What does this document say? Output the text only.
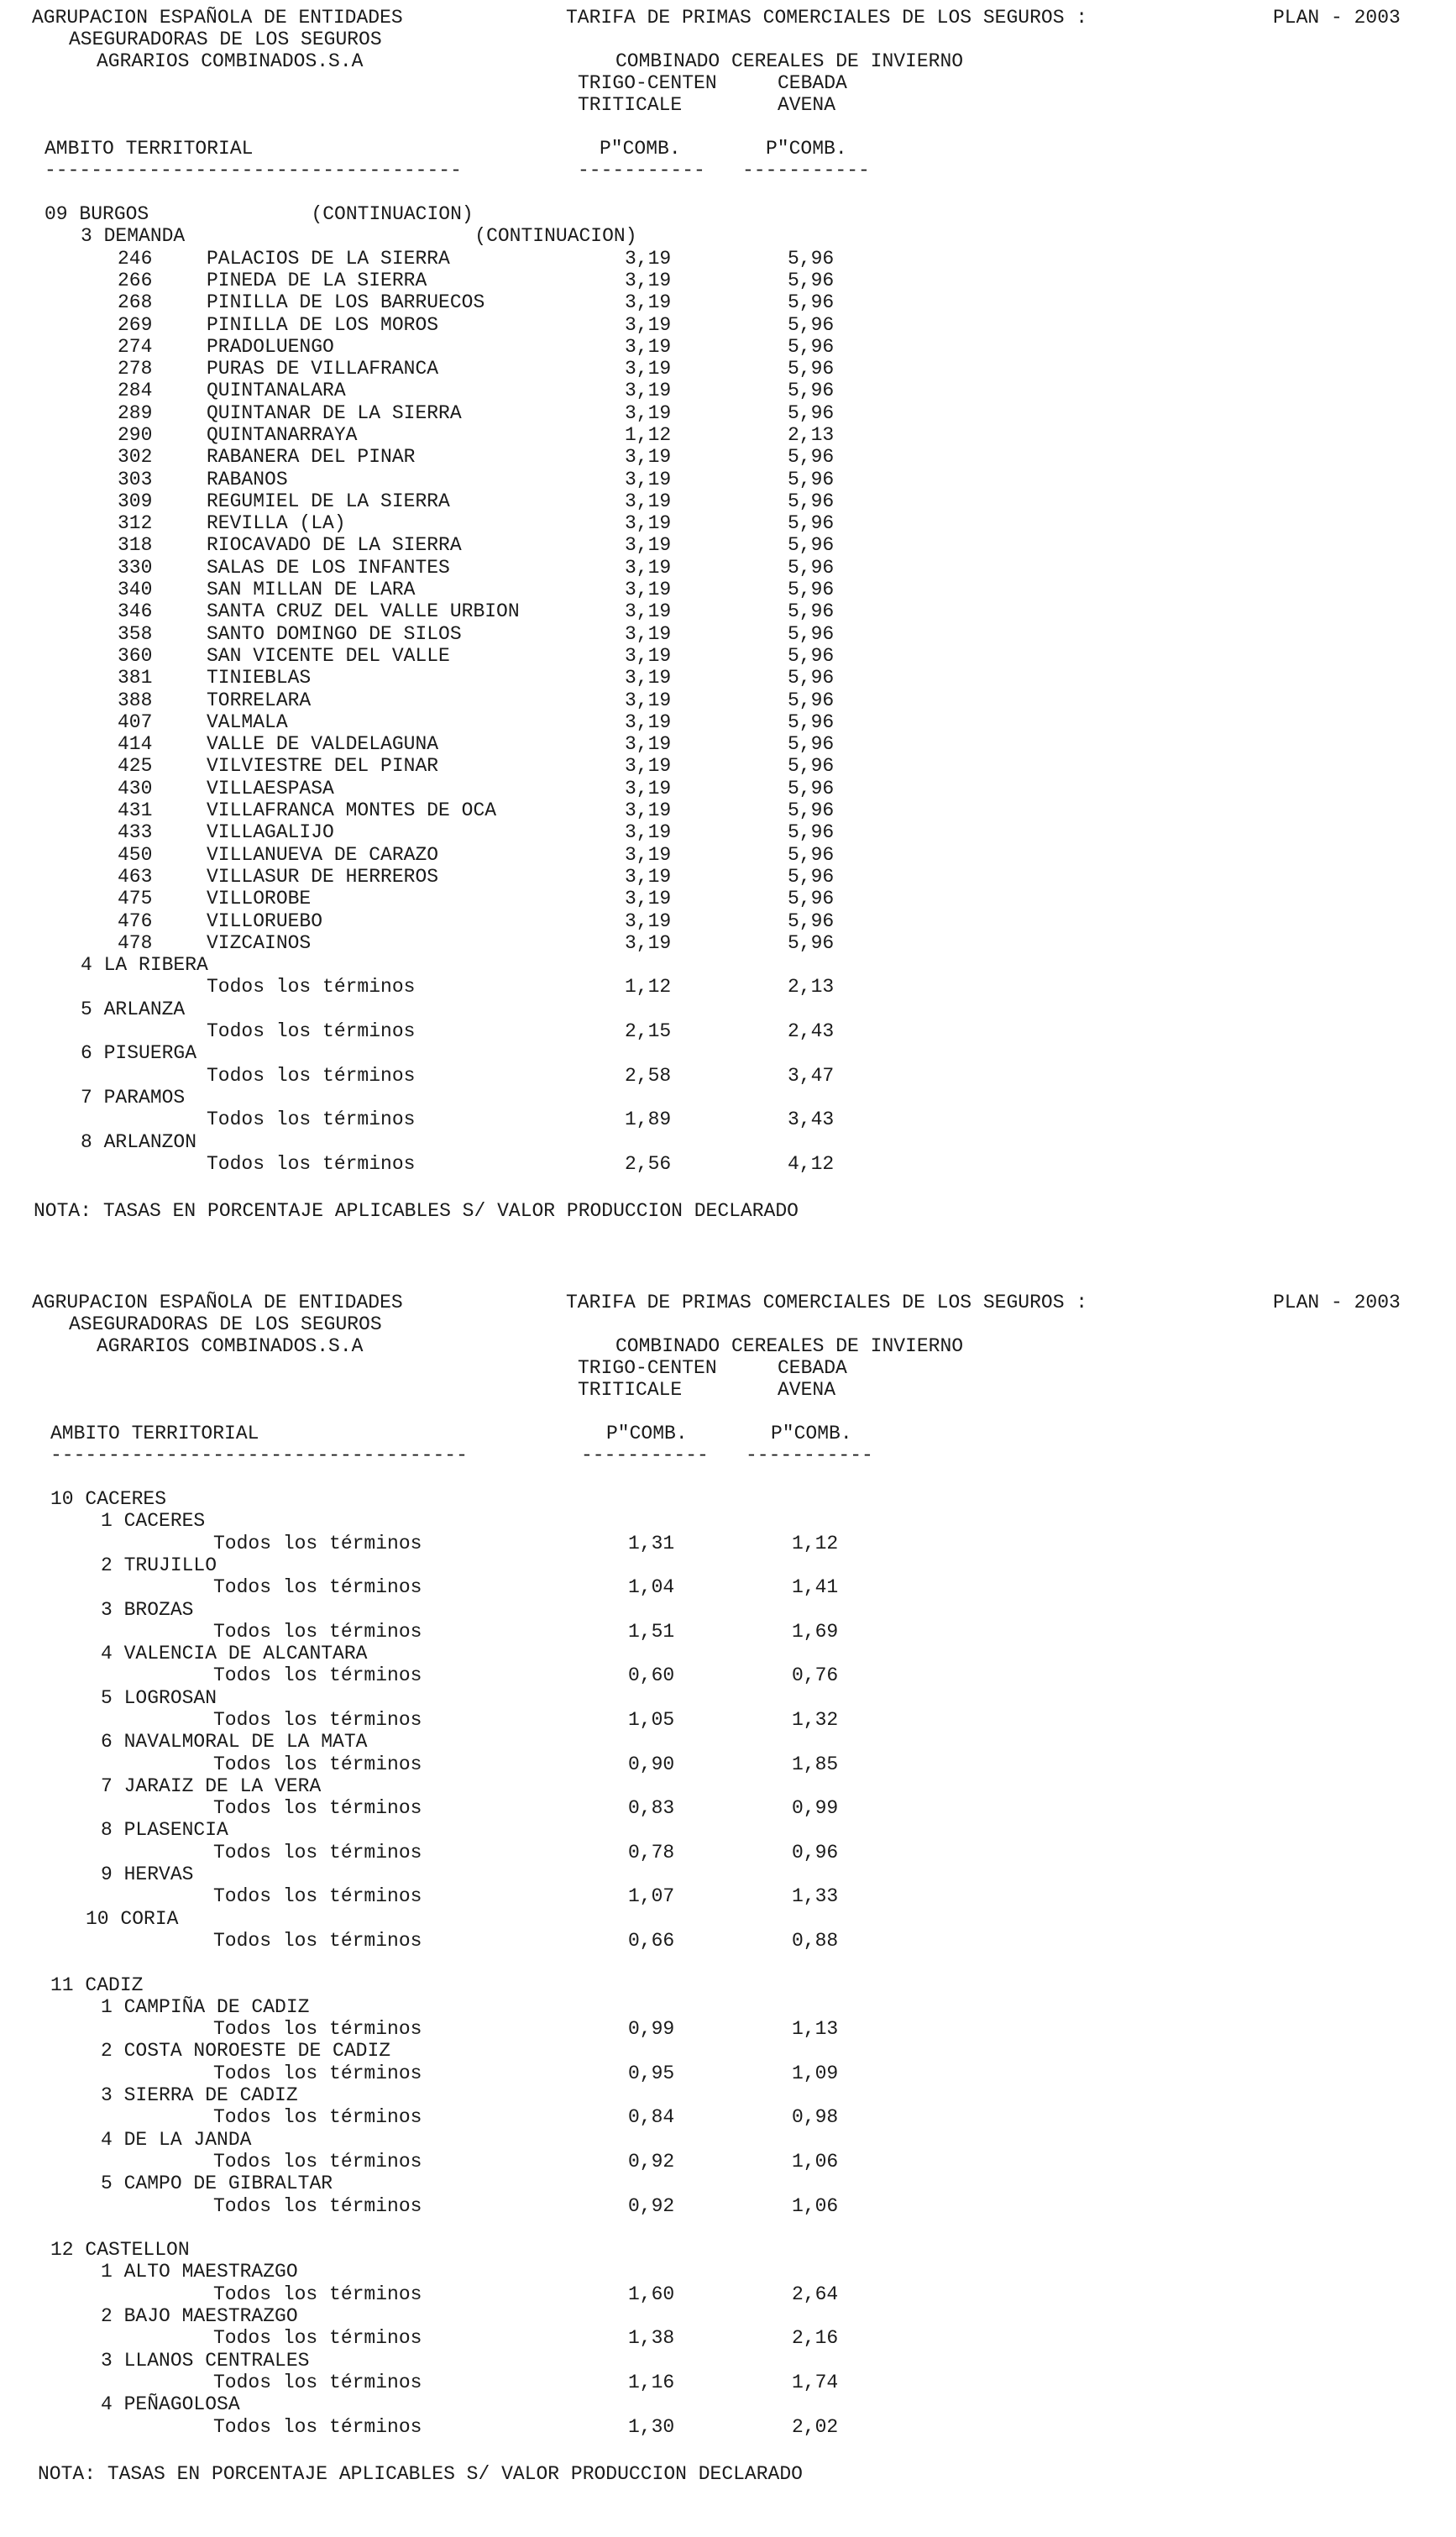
AGRUPACION ESPAÑOLA DE ENTIDADES
ASEGURADORAS DE LOS SEGUROS
AGRARIOS COMBINADOS.S.A
TARIFA DE PRIMAS COMERCIALES DE LOS SEGUROS :	PLAN - 2003
COMBINADO CEREALES DE INVIERNO
TRIGO-CENTEN
TRITICALE
CEBADA
AVENA
AMBITO TERRITORIAL	P"COMB.	P"COMB.
------------------------------------	----------- -----------
09 BURGOS              (CONTINUACION)
3 DEMANDA                         (CONTINUACION)
246	PALACIOS DE LA SIERRA	3,19	5,96
266	PINEDA DE LA SIERRA	3,19	5,96
268	PINILLA DE LOS BARRUECOS	3,19	5,96
269	PINILLA DE LOS MOROS	3,19	5,96
274	PRADOLUENGO	3,19	5,96
278	PURAS DE VILLAFRANCA	3,19	5,96
284	QUINTANALARA	3,19	5,96
289	QUINTANAR DE LA SIERRA	3,19	5,96
290	QUINTANARRAYA	1,12	2,13
302	RABANERA DEL PINAR	3,19	5,96
303	RABANOS	3,19	5,96
309	REGUMIEL DE LA SIERRA	3,19	5,96
312	REVILLA (LA)	3,19	5,96
318	RIOCAVADO DE LA SIERRA	3,19	5,96
330	SALAS DE LOS INFANTES	3,19	5,96
340	SAN MILLAN DE LARA	3,19	5,96
346	SANTA CRUZ DEL VALLE URBION	3,19	5,96
358	SANTO DOMINGO DE SILOS	3,19	5,96
360	SAN VICENTE DEL VALLE	3,19	5,96
381	TINIEBLAS	3,19	5,96
388	TORRELARA	3,19	5,96
407	VALMALA	3,19	5,96
414	VALLE DE VALDELAGUNA	3,19	5,96
425	VILVIESTRE DEL PINAR	3,19	5,96
430	VILLAESPASA	3,19	5,96
431	VILLAFRANCA MONTES DE OCA	3,19	5,96
433	VILLAGALIJO	3,19	5,96
450	VILLANUEVA DE CARAZO	3,19	5,96
463	VILLASUR DE HERREROS	3,19	5,96
475	VILLOROBE	3,19	5,96
476	VILLORUEBO	3,19	5,96
478	VIZCAINOS	3,19	5,96
4 LA RIBERA
Todos los términos	1,12	2,13
5 ARLANZA
Todos los términos	2,15	2,43
6 PISUERGA
Todos los términos	2,58	3,47
7 PARAMOS
Todos los términos	1,89	3,43
8 ARLANZON
Todos los términos	2,56	4,12
NOTA: TASAS EN PORCENTAJE APLICABLES S/ VALOR PRODUCCION DECLARADO
AGRUPACION ESPAÑOLA DE ENTIDADES
ASEGURADORAS DE LOS SEGUROS
AGRARIOS COMBINADOS.S.A
TARIFA DE PRIMAS COMERCIALES DE LOS SEGUROS :	PLAN - 2003
COMBINADO CEREALES DE INVIERNO
TRIGO-CENTEN
TRITICALE
CEBADA
AVENA
AMBITO TERRITORIAL	P"COMB.	P"COMB.
------------------------------------	----------- -----------
10 CACERES
1 CACERES
Todos los términos	1,31	1,12
2 TRUJILLO
Todos los términos	1,04	1,41
3 BROZAS
Todos los términos	1,51	1,69
4 VALENCIA DE ALCANTARA
Todos los términos	0,60	0,76
5 LOGROSAN
Todos los términos	1,05	1,32
6 NAVALMORAL DE LA MATA
Todos los términos	0,90	1,85
7 JARAIZ DE LA VERA
Todos los términos	0,83	0,99
8 PLASENCIA
Todos los términos	0,78	0,96
9 HERVAS
Todos los términos	1,07	1,33
10 CORIA
Todos los términos	0,66	0,88
11 CADIZ
1 CAMPIÑA DE CADIZ
Todos los términos	0,99	1,13
2 COSTA NOROESTE DE CADIZ
Todos los términos	0,95	1,09
3 SIERRA DE CADIZ
Todos los términos	0,84	0,98
4 DE LA JANDA
Todos los términos	0,92	1,06
5 CAMPO DE GIBRALTAR
Todos los términos	0,92	1,06
12 CASTELLON
1 ALTO MAESTRAZGO
Todos los términos	1,60	2,64
2 BAJO MAESTRAZGO
Todos los términos	1,38	2,16
3 LLANOS CENTRALES
Todos los términos	1,16	1,74
4 PEÑAGOLOSA
Todos los términos	1,30	2,02
NOTA: TASAS EN PORCENTAJE APLICABLES S/ VALOR PRODUCCION DECLARADO
